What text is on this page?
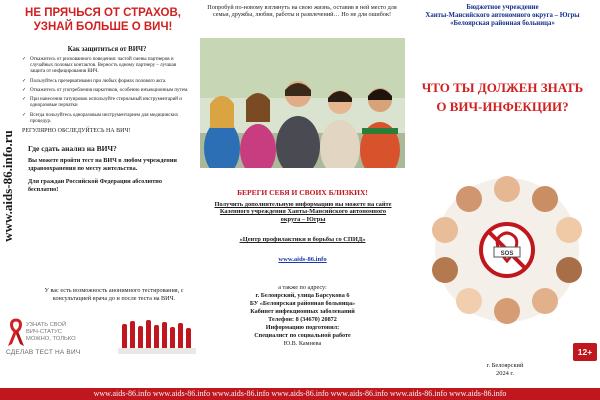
НЕ ПРЯЧЬСЯ ОТ СТРАХОВ,
УЗНАЙ БОЛЬШЕ О ВИЧ!
www.aids-86.info.ru
Как защититься от ВИЧ?
✓ Откажитесь от рискованного поведения: частой смены партнеров и случайных половых контактов. Верность одному партнеру – лучшая защита от инфицирования ВИЧ.
✓ Пользуйтесь презервативами при любых формах полового акта.
✓ Откажитесь от употребления наркотиков, особенно инъекционным путем.
✓ При нанесении татуировок используйте стерильный инструментарий и одноразовые перчатки
✓ Всегда пользуйтесь одноразовым инструментарием для медицинских процедур.
РЕГУЛЯРНО ОБСЛЕДУЙТЕСЬ НА ВИЧ!
Где сдать анализ на ВИЧ?
Вы можете пройти тест на ВИЧ в любом учреждении здравоохранения по месту жительства.
Для граждан Российской Федерации абсолютно бесплатно!
У вас есть возможность анонимного тестирования, с консультацией врача до и после теста на ВИЧ.
УЗНАТЬ СВОЙ
ВИЧ-СТАТУС
МОЖНО, ТОЛЬКО
СДЕЛАВ ТЕСТ НА ВИЧ
Попробуй по-новому взглянуть на свою жизнь, оставив в ней место для семьи, дружбы, любви, работы и развлечений… Но не для ошибок!
БЕРЕГИ СЕБЯ И СВОИХ БЛИЗКИХ!
Получить дополнительную информацию вы можете на сайте Казенного учреждения Ханты-Мансийского автономного округа – Югры
«Центр профилактики и борьбы со СПИД»
www.aids-86.info
а также по адресу:
г. Белоярский, улица Барсукова 6
БУ «Белоярская районная больница»
Кабинет инфекционных заболеваний
Телефон: 8 (34670) 20872
Информацию подготовил:
Специалист по социальной работе
Ю.В. Камнева
Бюджетное учреждение
Ханты-Мансийского автономного округа – Югры
«Белоярская районная больница»
ЧТО ТЫ ДОЛЖЕН ЗНАТЬ
О ВИЧ-ИНФЕКЦИИ?
SOS
12+
г. Белоярский
2024 г.
www.aids-86.info www.aids-86.info www.aids-86.info www.aids-86.info www.aids-86.info www.aids-86.info www.aids-86.info
